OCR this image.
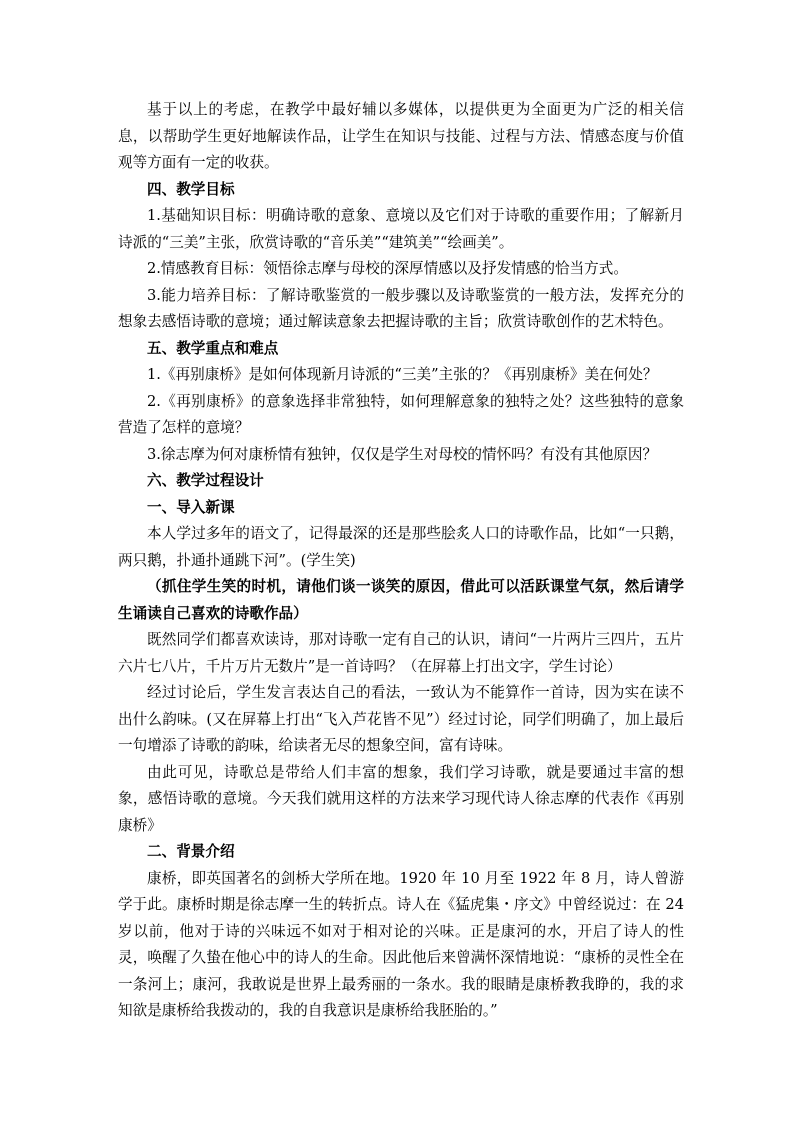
基于以上的考虑，在教学中最好辅以多媒体，以提供更为全面更为广泛的相关信息，以帮助学生更好地解读作品，让学生在知识与技能、过程与方法、情感态度与价值观等方面有一定的收获。

四、教学目标

1.基础知识目标：明确诗歌的意象、意境以及它们对于诗歌的重要作用；了解新月诗派的“三美”主张，欣赏诗歌的“音乐美”“建筑美”“绘画美”。

2.情感教育目标：领悟徐志摩与母校的深厚情感以及抒发情感的恰当方式。

3.能力培养目标：了解诗歌鉴赏的一般步骤以及诗歌鉴赏的一般方法，发挥充分的想象去感悟诗歌的意境；通过解读意象去把握诗歌的主旨；欣赏诗歌创作的艺术特色。

五、教学重点和难点

1.《再别康桥》是如何体现新月诗派的“三美”主张的？《再别康桥》美在何处？

2.《再别康桥》的意象选择非常独特，如何理解意象的独特之处？这些独特的意象营造了怎样的意境？

3.徐志摩为何对康桥情有独钟，仅仅是学生对母校的情怀吗？有没有其他原因？

六、教学过程设计

一、导入新课

本人学过多年的语文了，记得最深的还是那些脍炙人口的诗歌作品，比如“一只鹅，两只鹅，扑通扑通跳下河”。(学生笑)

（抓住学生笑的时机，请他们谈一谈笑的原因，借此可以活跃课堂气氛，然后请学生诵读自己喜欢的诗歌作品）

既然同学们都喜欢读诗，那对诗歌一定有自己的认识，请问“一片两片三四片，五片六片七八片，千片万片无数片”是一首诗吗？（在屏幕上打出文字，学生讨论）

经过讨论后，学生发言表达自己的看法，一致认为不能算作一首诗，因为实在读不出什么韵味。(又在屏幕上打出“飞入芦花皆不见”）经过讨论，同学们明确了，加上最后一句增添了诗歌的韵味，给读者无尽的想象空间，富有诗味。

由此可见，诗歌总是带给人们丰富的想象，我们学习诗歌，就是要通过丰富的想象，感悟诗歌的意境。今天我们就用这样的方法来学习现代诗人徐志摩的代表作《再别康桥》

二、背景介绍

康桥，即英国著名的剑桥大学所在地。1920 年 10 月至 1922 年 8 月，诗人曾游学于此。康桥时期是徐志摩一生的转折点。诗人在《猛虎集・序文》中曾经说过：在 24 岁以前，他对于诗的兴味远不如对于相对论的兴味。正是康河的水，开启了诗人的性灵，唤醒了久蛰在他心中的诗人的生命。因此他后来曾满怀深情地说：“康桥的灵性全在一条河上；康河，我敢说是世界上最秀丽的一条水。我的眼睛是康桥教我睁的，我的求知欲是康桥给我拨动的，我的自我意识是康桥给我胚胎的。”
